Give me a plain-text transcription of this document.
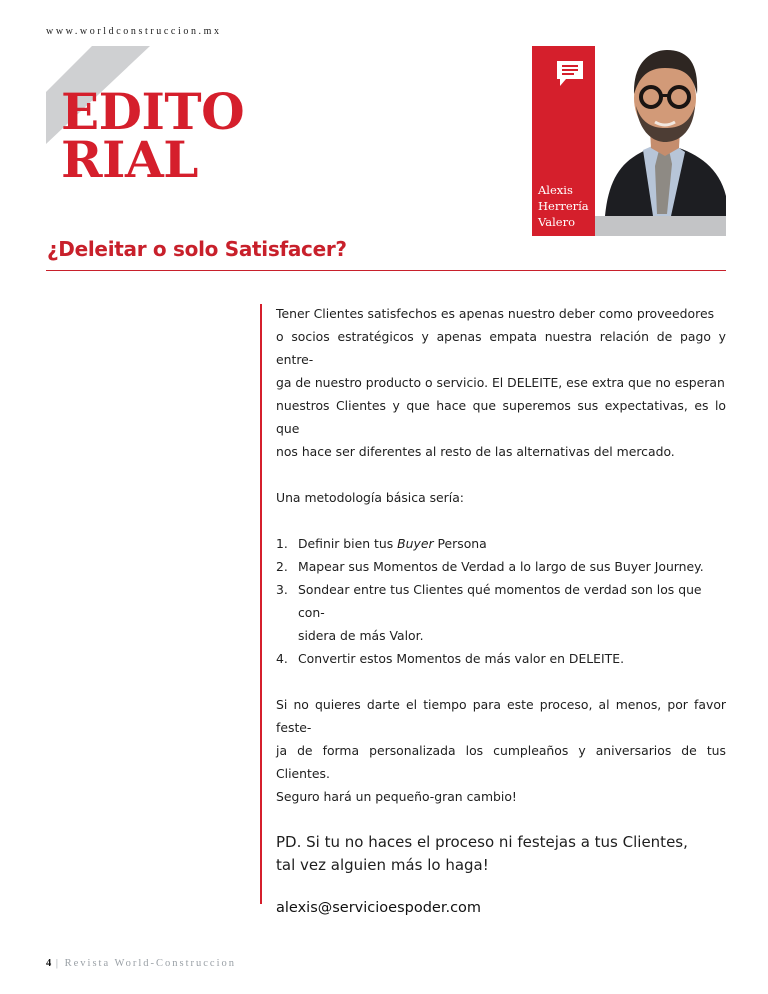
www.worldconstruccion.mx
EDITO
RIAL
Alexis
Herrería
Valero
¿Deleitar o solo Satisfacer?

Tener Clientes satisfechos es apenas nuestro deber como proveedores
o socios estratégicos y apenas empata nuestra relación de pago y entre-
ga de nuestro producto o servicio. El DELEITE, ese extra que no esperan
nuestros Clientes y que hace que superemos sus expectativas, es lo que
nos hace ser diferentes al resto de las alternativas del mercado.

Una metodología básica sería:

1. Definir bien tus Buyer Persona
2. Mapear sus Momentos de Verdad a lo largo de sus Buyer Journey.
3. Sondear entre tus Clientes qué momentos de verdad son los que con-
sidera de más Valor.
4. Convertir estos Momentos de más valor en DELEITE.

Si no quieres darte el tiempo para este proceso, al menos, por favor feste-
ja de forma personalizada los cumpleaños y aniversarios de tus Clientes.
Seguro hará un pequeño-gran cambio!

PD. Si tu no haces el proceso ni festejas a tus Clientes,
tal vez alguien más lo haga!
alexis@servicioespoder.com
4 | Revista World-Construccion
